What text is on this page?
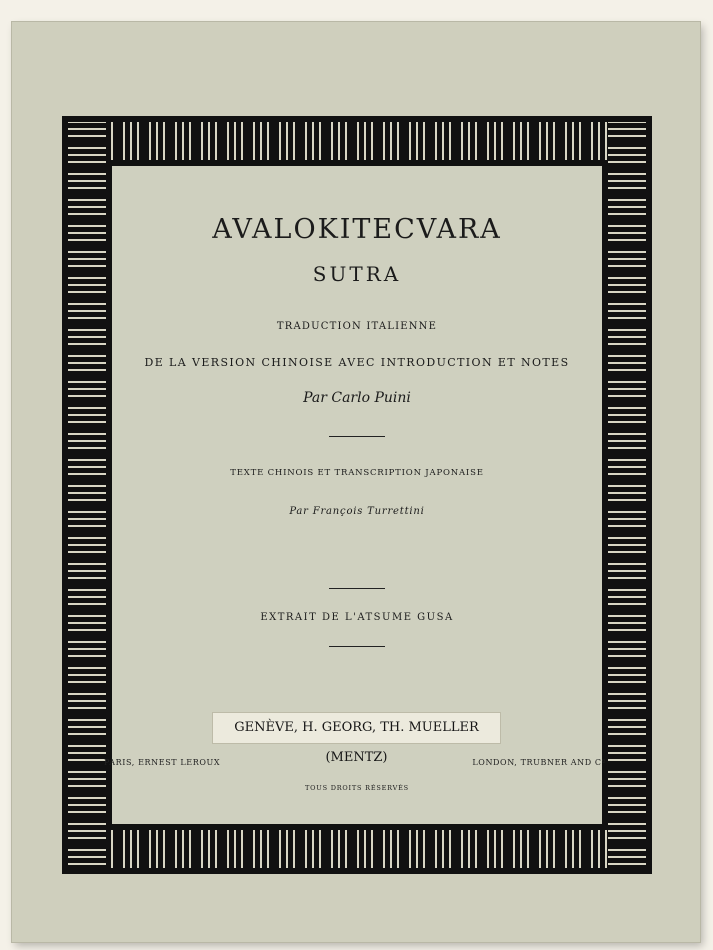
AVALOKITECVARA
SUTRA
TRADUCTION ITALIENNE
DE LA VERSION CHINOISE AVEC INTRODUCTION ET NOTES
Par Carlo Puini
TEXTE CHINOIS ET TRANSCRIPTION JAPONAISE
Par François Turrettini
EXTRAIT DE L'ATSUME GUSA
GENÈVE, H. GEORG, TH. MUELLER (MENTZ)
PARIS, ERNEST LEROUX	LONDON, TRUBNER AND Cº
TOUS DROITS RÉSERVÉS
